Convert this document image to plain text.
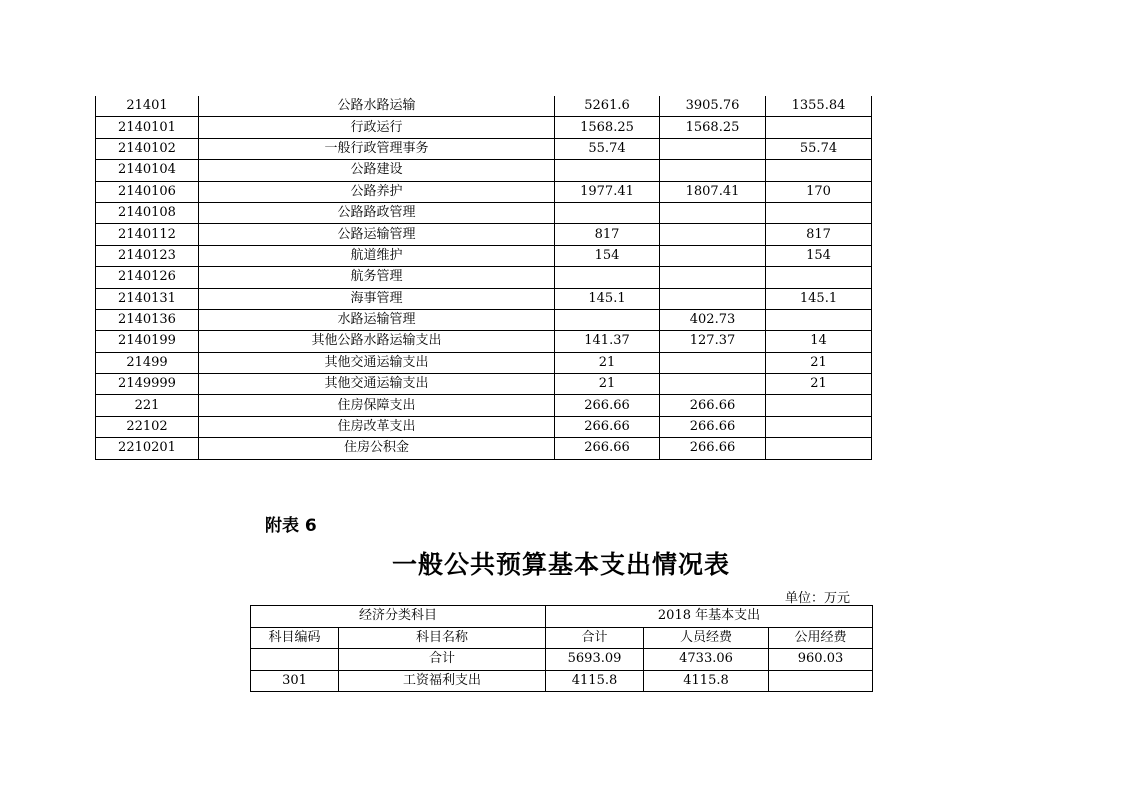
21401	公路水路运输	5261.6	3905.76	1355.84
2140101	行政运行	1568.25	1568.25	
2140102	一般行政管理事务	55.74		55.74
2140104	公路建设			
2140106	公路养护	1977.41	1807.41	170
2140108	公路路政管理			
2140112	公路运输管理	817		817
2140123	航道维护	154		154
2140126	航务管理			
2140131	海事管理	145.1		145.1
2140136	水路运输管理		402.73	
2140199	其他公路水路运输支出	141.37	127.37	14
21499	其他交通运输支出	21		21
2149999	其他交通运输支出	21		21
221	住房保障支出	266.66	266.66	
22102	住房改革支出	266.66	266.66	
2210201	住房公积金	266.66	266.66	
附表 6
一般公共预算基本支出情况表
单位：万元
经济分类科目		2018 年基本支出		
科目编码	科目名称	合计	人员经费	公用经费
	合计	5693.09	4733.06	960.03
301	工资福利支出	4115.8	4115.8	
